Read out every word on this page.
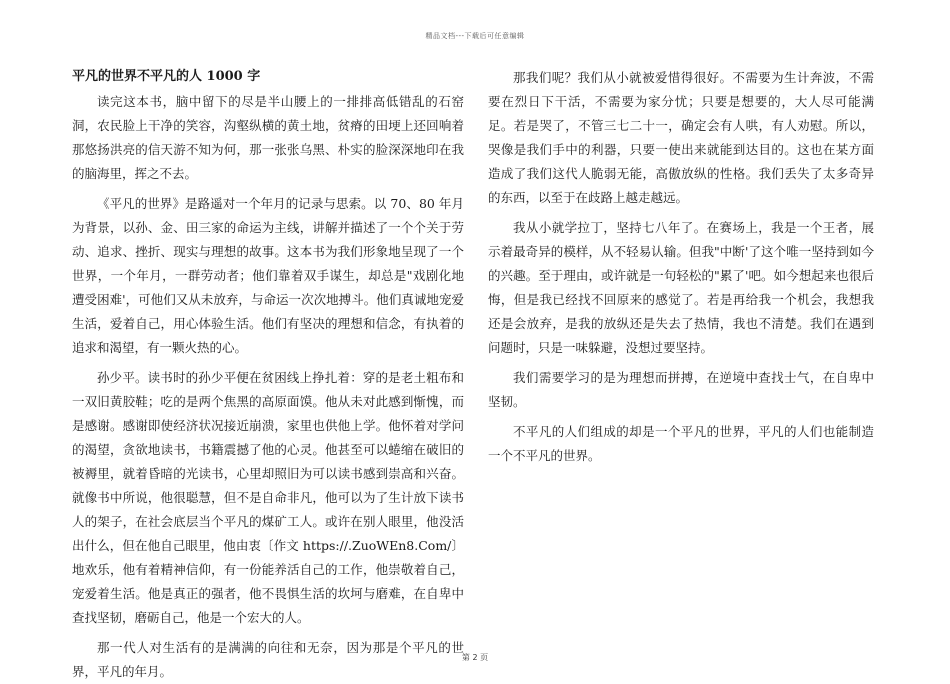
精品文档---下载后可任意编辑
平凡的世界不平凡的人 1000 字

读完这本书，脑中留下的尽是半山腰上的一排排高低错乱的石窑洞，农民脸上干净的笑容，沟壑纵横的黄土地，贫瘠的田埂上还回响着那悠扬洪亮的信天游不知为何，那一张张乌黑、朴实的脸深深地印在我的脑海里，挥之不去。

《平凡的世界》是路遥对一个年月的记录与思索。以 70、80 年月为背景，以孙、金、田三家的命运为主线，讲解并描述了一个个关于劳动、追求、挫折、现实与理想的故事。这本书为我们形象地呈现了一个世界，一个年月，一群劳动者；他们靠着双手谋生，却总是"戏剧化地遭受困难'，可他们又从未放弃，与命运一次次地搏斗。他们真诚地宠爱生活，爱着自己，用心体验生活。他们有坚决的理想和信念，有执着的追求和渴望，有一颗火热的心。

孙少平。读书时的孙少平便在贫困线上挣扎着：穿的是老土粗布和一双旧黄胶鞋；吃的是两个焦黑的高原面馍。他从未对此感到惭愧，而是感谢。感谢即使经济状况接近崩溃，家里也供他上学。他怀着对学问的渴望，贪欲地读书，书籍震撼了他的心灵。他甚至可以蜷缩在破旧的被褥里，就着昏暗的光读书，心里却照旧为可以读书感到崇高和兴奋。就像书中所说，他很聪慧，但不是自命非凡，他可以为了生计放下读书人的架子，在社会底层当个平凡的煤矿工人。或许在别人眼里，他没活出什么，但在他自己眼里，他由衷〔作文 https://.ZuoWEn8.Com/〕地欢乐，他有着精神信仰，有一份能养活自己的工作，他崇敬着自己，宠爱着生活。他是真正的强者，他不畏惧生活的坎坷与磨难，在自卑中查找坚韧，磨砺自己，他是一个宏大的人。

那一代人对生活有的是满满的向往和无奈，因为那是个平凡的世界，平凡的年月。

那我们呢？我们从小就被爱惜得很好。不需要为生计奔波，不需要在烈日下干活，不需要为家分忧；只要是想要的，大人尽可能满足。若是哭了，不管三七二十一，确定会有人哄，有人劝慰。所以，哭像是我们手中的利器，只要一使出来就能到达目的。这也在某方面造成了我们这代人脆弱无能，高傲放纵的性格。我们丢失了太多奇异的东西，以至于在歧路上越走越远。

我从小就学拉丁，坚持七八年了。在赛场上，我是一个王者，展示着最奇异的模样，从不轻易认输。但我"中断'了这个唯一坚持到如今的兴趣。至于理由，或许就是一句轻松的"累了'吧。如今想起来也很后悔，但是我已经找不回原来的感觉了。若是再给我一个机会，我想我还是会放弃，是我的放纵还是失去了热情，我也不清楚。我们在遇到问题时，只是一味躲避，没想过要坚持。

我们需要学习的是为理想而拼搏，在逆境中查找士气，在自卑中坚韧。

不平凡的人们组成的却是一个平凡的世界，平凡的人们也能制造一个不平凡的世界。

第 2 页
